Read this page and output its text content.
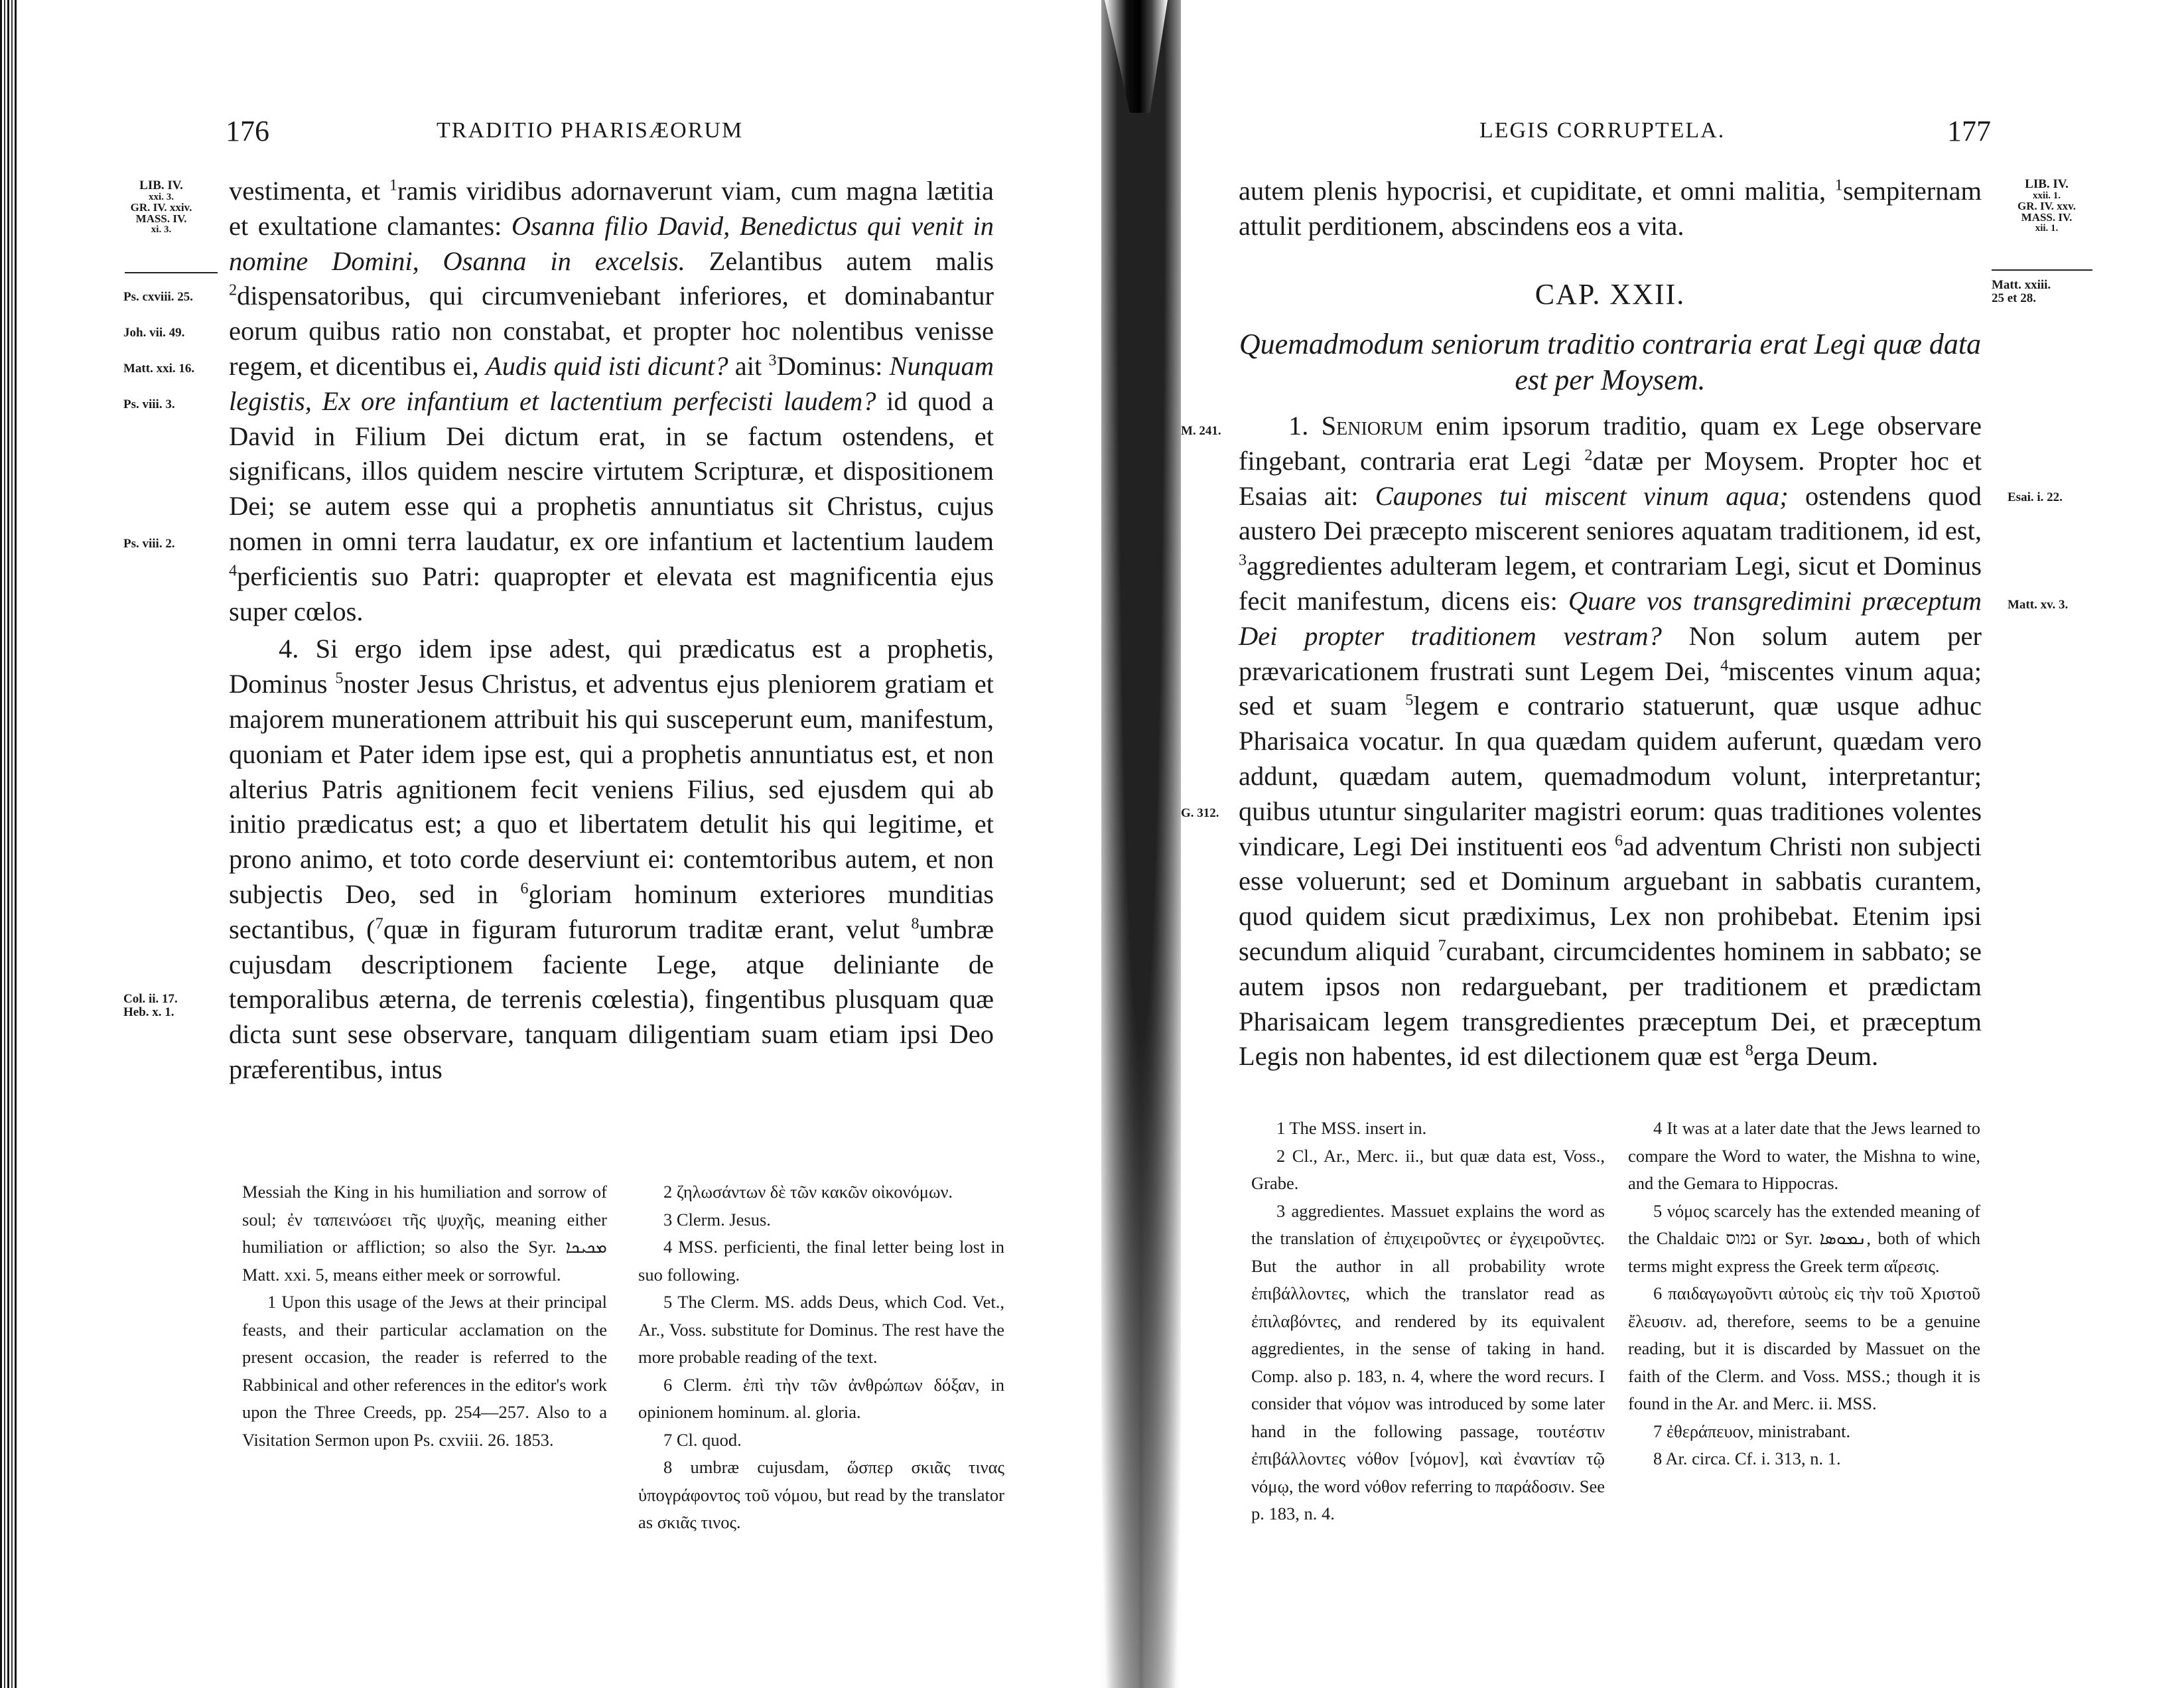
176	TRADITIO PHARISÆORUM
LIB. IV.
xxi. 3.
GR. IV. xxiv.
MASS. IV.
xi. 3.
Ps. cxviii. 25.
Joh. vii. 49.
Matt. xxi. 16.
Ps. viii. 3.
Ps. viii. 2.
Col. ii. 17.
Heb. x. 1.

vestimenta, et $^1$ramis viridibus adornaverunt viam, cum magna lætitia et exultatione clamantes: Osanna filio David, Benedictus qui venit in nomine Domini, Osanna in excelsis. Zelantibus autem malis $^2$dispensatoribus, qui circumveniebant inferiores, et dominabantur eorum quibus ratio non constabat, et propter hoc nolentibus venisse regem, et dicentibus ei, Audis quid isti dicunt? ait $^3$Dominus: Nunquam legistis, Ex ore infantium et lactentium perfecisti laudem? id quod a David in Filium Dei dictum erat, in se factum ostendens, et significans, illos quidem nescire virtutem Scripturæ, et dispositionem Dei; se autem esse qui a prophetis annuntiatus sit Christus, cujus nomen in omni terra laudatur, ex ore infantium et lactentium laudem $^4$perficientis suo Patri: quapropter et elevata est magnificentia ejus super cœlos.

4. Si ergo idem ipse adest, qui prædicatus est a prophetis, Dominus $^5$noster Jesus Christus, et adventus ejus pleniorem gratiam et majorem munerationem attribuit his qui susceperunt eum, manifestum, quoniam et Pater idem ipse est, qui a prophetis annuntiatus est, et non alterius Patris agnitionem fecit veniens Filius, sed ejusdem qui ab initio prædicatus est; a quo et libertatem detulit his qui legitime, et prono animo, et toto corde deserviunt ei: contemtoribus autem, et non subjectis Deo, sed in $^6$gloriam hominum exteriores munditias sectantibus, ($^7$quæ in figuram futurorum traditæ erant, velut $^8$umbræ cujusdam descriptionem faciente Lege, atque deliniante de temporalibus æterna, de terrenis cœlestia), fingentibus plusquam quæ dicta sunt sese observare, tanquam diligentiam suam etiam ipsi Deo præferentibus, intus

Messiah the King in his humiliation and sorrow of soul; ἐν ταπεινώσει τῆς ψυχῆς, meaning either humiliation or affliction; so also the Syr. ܡܟܝܟܐ Matt. xxi. 5, means either meek or sorrowful.

1 Upon this usage of the Jews at their principal feasts, and their particular acclamation on the present occasion, the reader is referred to the Rabbinical and other references in the editor's work upon the Three Creeds, pp. 254—257. Also to a Visitation Sermon upon Ps. cxviii. 26. 1853.

2 ζηλωσάντων δὲ τῶν κακῶν οἰκονόμων.

3 Clerm. Jesus.

4 MSS. perficienti, the final letter being lost in suo following.

5 The Clerm. MS. adds Deus, which Cod. Vet., Ar., Voss. substitute for Dominus. The rest have the more probable reading of the text.

6 Clerm. ἐπὶ τὴν τῶν ἀνθρώπων δόξαν, in opinionem hominum. al. gloria.

7 Cl. quod.

8 umbræ cujusdam, ὥσπερ σκιᾶς τινας ὑπογράφοντος τοῦ νόμου, but read by the translator as σκιᾶς τινος.

LEGIS CORRUPTELA.	177
LIB. IV.
xxii. 1.
GR. IV. xxv.
MASS. IV.
xii. 1.
Matt. xxiii.
25 et 28.
M. 241.
Esai. i. 22.
Matt. xv. 3.
G. 312.

autem plenis hypocrisi, et cupiditate, et omni malitia, $^1$sempiternam attulit perditionem, abscindens eos a vita.

CAP. XXII.
Quemadmodum seniorum traditio contraria erat Legi quæ data est per Moysem.

1. Seniorum enim ipsorum traditio, quam ex Lege observare fingebant, contraria erat Legi $^2$datæ per Moysem. Propter hoc et Esaias ait: Caupones tui miscent vinum aqua; ostendens quod austero Dei præcepto miscerent seniores aquatam traditionem, id est, $^3$aggredientes adulteram legem, et contrariam Legi, sicut et Dominus fecit manifestum, dicens eis: Quare vos transgredimini præceptum Dei propter traditionem vestram? Non solum autem per prævaricationem frustrati sunt Legem Dei, $^4$miscentes vinum aqua; sed et suam $^5$legem e contrario statuerunt, quæ usque adhuc Pharisaica vocatur. In qua quædam quidem auferunt, quædam vero addunt, quædam autem, quemadmodum volunt, interpretantur; quibus utuntur singulariter magistri eorum: quas traditiones volentes vindicare, Legi Dei instituenti eos $^6$ad adventum Christi non subjecti esse voluerunt; sed et Dominum arguebant in sabbatis curantem, quod quidem sicut prædiximus, Lex non prohibebat. Etenim ipsi secundum aliquid $^7$curabant, circumcidentes hominem in sabbato; se autem ipsos non redarguebant, per traditionem et prædictam Pharisaicam legem transgredientes præceptum Dei, et præceptum Legis non habentes, id est dilectionem quæ est $^8$erga Deum.

1 The MSS. insert in.

2 Cl., Ar., Merc. ii., but quæ data est, Voss., Grabe.

3 aggredientes. Massuet explains the word as the translation of ἐπιχειροῦντες or ἐγχειροῦντες. But the author in all probability wrote ἐπιβάλλοντες, which the translator read as ἐπιλαβόντες, and rendered by its equivalent aggredientes, in the sense of taking in hand. Comp. also p. 183, n. 4, where the word recurs. I consider that νόμον was introduced by some later hand in the following passage, τουτέστιν ἐπιβάλλοντες νόθον [νόμον], καὶ ἐναντίαν τῷ νόμῳ, the word νόθον referring to παράδοσιν. See p. 183, n. 4.

4 It was at a later date that the Jews learned to compare the Word to water, the Mishna to wine, and the Gemara to Hippocras.

5 νόμος scarcely has the extended meaning of the Chaldaic נמוס or Syr. ܢܡܘܣܐ, both of which terms might express the Greek term αἵρεσις.

6 παιδαγωγοῦντι αὐτοὺς εἰς τὴν τοῦ Χριστοῦ ἔλευσιν. ad, therefore, seems to be a genuine reading, but it is discarded by Massuet on the faith of the Clerm. and Voss. MSS.; though it is found in the Ar. and Merc. ii. MSS.

7 ἐθεράπευον, ministrabant.

8 Ar. circa. Cf. i. 313, n. 1.
